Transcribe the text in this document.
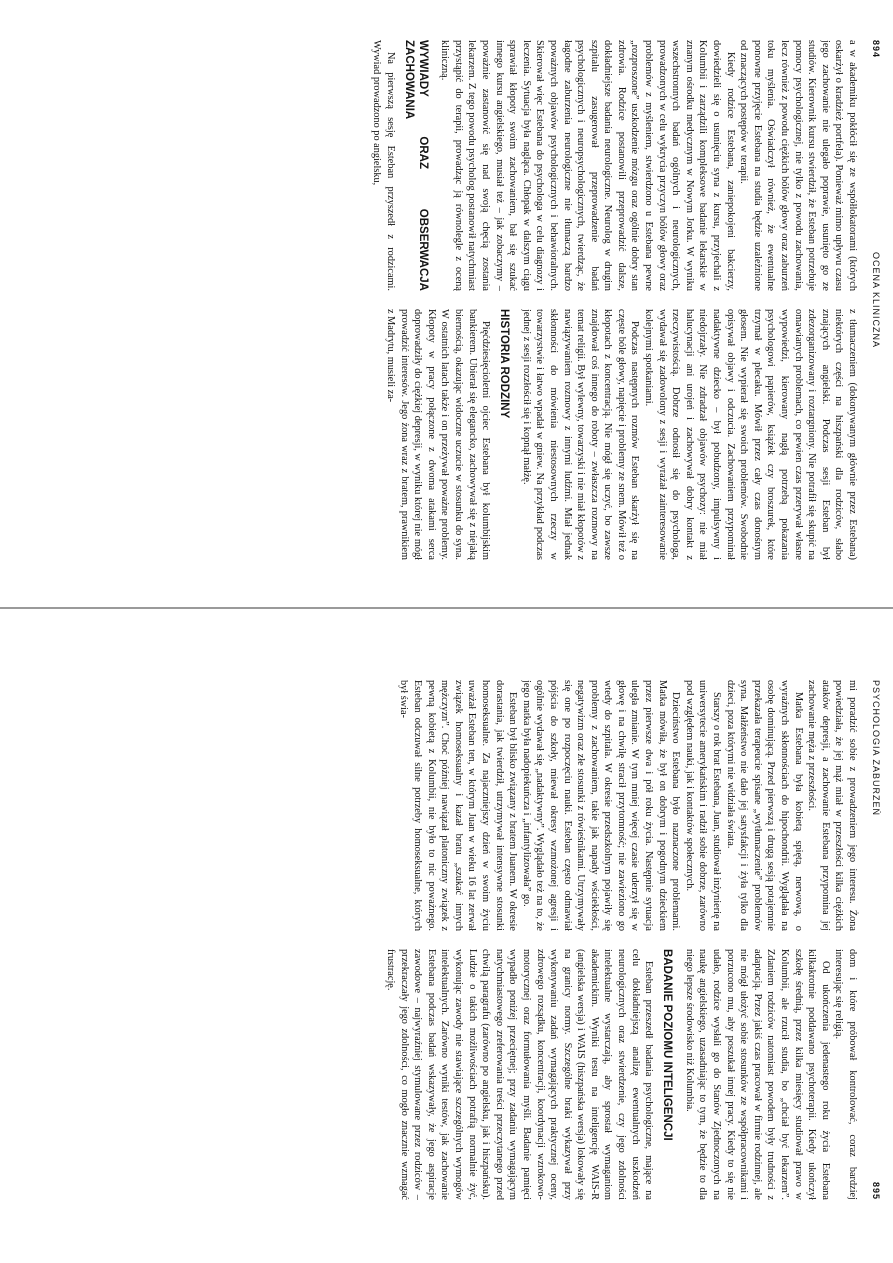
894
OCENA KLINICZNA

a w akademiku pokłócił się ze współlokatorami (których oskarżył o kradzież portfela). Ponieważ mimo upływu czasu jego zachowanie nie ulegało poprawie, usunięto go ze studiów. Kierownik kursu stwierdził, że Esteban potrzebuje pomocy psychologicznej, nie tylko z powodu zachowania, lecz również z powodu ciężkich bólów głowy oraz zaburzeń toku myślenia. Oświadczył również, że ewentualne ponowne przyjęcie Estebana na studia będzie uzależnione od znaczących postępów w terapii.

Kiedy rodzice Estebana, zaniepokojeni bakcierzy, dowiedzieli się o usunięciu syna z kursu, przyjechali z Kolumbii i zarządzili kompleksowe badanie lekarskie w znanym ośrodku medycznym w Nowym Jorku. W wyniku wszechstronnych badań ogólnych i neurologicznych, prowadzonych w celu wykrycia przyczyn bólów głowy oraz problemów z myśleniem, stwierdzono u Estebana pewne „rozproszone” uszkodzenie mózgu oraz ogólnie dobry stan zdrowia. Rodzice postanowili przeprowadzić dalsze, dokładniejsze badania neurologiczne. Neurolog w drugim szpitalu zasugerował przeprowadzenie badań psychologicznych i neuropsychologicznych, twierdząc, że łagodne zaburzenia neurologiczne nie tłumaczą bardzo poważnych objawów psychologicznych i behawioralnych. Skierował więc Estebana do psychologa w celu diagnozy i leczenia. Sytuacja była nagląca. Chłopak w dalszym ciągu sprawiał kłopoty swoim zachowaniem, bał się szukać innego kursu angielskiego, musiał też – jak zobaczymy – poważnie zastanowić się nad swoją chęcią zostania lekarzem. Z tego powodu psycholog postanowił natychmiast przystąpić do terapii, prowadząc ją równolegle z oceną kliniczną.

WYWIADY ORAZ OBSERWACJA ZACHOWANIA

Na pierwszą sesję Esteban przyszedł z rodzicami. Wywiad prowadzono po angielsku,

z tłumaczeniem (dokonywanym głównie przez Estebana) niektórych części na hiszpański dla rodziców, słabo znających angielski. Podczas sesji Esteban był zdezorganizowany i roztargniony. Nie potrafił się skupić na omawianych problemach, co pewien czas przerywał własne wypowiedzi, kierowany nagłą potrzebą pokazania psychologowi papierów, książek czy broszurek, które trzymał w plecaku. Mówił przez cały czas donośnym głosem. Nie wypierał się swoich problemów. Swobodnie opisywał objawy i odczucia. Zachowaniem przypominał nadaktywne dziecko – był pobudzony, impulsywny i niedojrzały. Nie zdradzał objawów psychozy: nie miał halucynacji ani urojeń i zachowywał dobry kontakt z rzeczywistością. Dobrze odnosił się do psychologa, wydawał się zadowolony z sesji i wyrażał zainteresowanie kolejnymi spotkaniami.

Podczas następnych rozmów Esteban skarżył się na częste bóle głowy, napięcie i problemy ze snem. Mówił też o kłopotach z koncentracją. Nie mógł się uczyć, bo zawsze znajdował coś innego do roboty – zwłaszcza rozmowy na temat religii. Był wylewny, towarzyski i nie miał kłopotów z nawiązywaniem rozmowy z innymi ludźmi. Miał jednak skłonności do mówienia niestosownych rzeczy w towarzystwie i łatwo wpadał w gniew. Na przykład podczas jednej z sesji rozzłościł się i kopnął małżę.

HISTORIA RODZINY

Pięćdziesięcioletni ojciec Estebana był kolumbijskim bankierem. Ubierał się elegancko, zachowywał się z niejaką biernością, okazując widoczne uczucie w stosunku do syna. W ostatnich latach także i on przeżywał poważne problemy. Kłopoty w pracy połączone z dwoma atakami serca doprowadziły do ciężkiej depresji, w wyniku której nie mógł prowadzić interesów. Jego żona wraz z bratem, prawnikiem z Madrytu, musieli za-

PSYCHOLOGIA ZABURZEŃ
895

mi poradzić sobie z prowadzeniem jego interesu. Żona powiedziała, że jej mąż miał w przeszłości kilka ciężkich ataków depresji, a zachowanie Estebana przypomina jej zachowanie męża z przeszłości.

Matka Estebana była kobietą spiętą, nerwową, o wyraźnych skłonnościach do hipochondrii. Wyglądała na osobę dominującą. Przed pierwszą i drugą sesją potajemnie przekazała terapeucie spisane „wytłumaczenie” problemów syna. Małżeństwo nie dało jej satysfakcji i żyła tylko dla dzieci, poza którymi nie widziała świata.

Starszy o rok brat Estebana, Juan, studiował inżynierię na uniwersytecie amerykańskim i radził sobie dobrze, zarówno pod względem nauki, jak i kontaktów społecznych.

Dzieciństwo Estebana było naznaczone problemami. Matka mówiła, że był on dobrym i pogodnym dzieckiem przez pierwsze dwa i pół roku życia. Następnie sytuacja uległa zmianie. W tym mniej więcej czasie uderzył się w głowę i na chwilę stracił przytomność; nie zawieziono go wtedy do szpitala. W okresie przedszkolnym pojawiły się problemy z zachowaniem, takie jak napady wściekłości, negatywizm oraz złe stosunki z rówieśnikami. Utrzymywały się one po rozpoczęciu nauki. Esteban często odmawiał pójścia do szkoły, miewał okresy wzmożonej agresji i ogólnie wydawał się „nadaktywny”. Wyglądało też na to, że jego matka była nadopiekuńcza i „infantylizowała” go.

Esteban był blisko związany z bratem Juanem. W okresie dorastania, jak twierdził, utrzymywał intensywne stosunki homoseksualne. Za najaczniejszy dzień w swoim życiu uważał Esteban ten, w którym Juan w wieku 16 lat zerwał związek homoseksualny i kazał bratu „szukać innych mężczyzn”. Choć później nawiązał platoniczny związek z pewną kobietą z Kolumbii, nie było to nic poważnego. Esteban odczuwał silne potrzeby homoseksualne, których był świa-

dom i które próbował kontrolować, coraz bardziej interesując się religią.

Od ukończenia jedenastego roku życia Estebana kilkakrotnie poddawano psychoterapii. Kiedy ukończył szkołę średnią, przez kilka miesięcy studiował prawo w Kolumbii, ale rzucił studia, bo „chciał być lekarzem”. Zdaniem rodziców natomiast powodem były trudności z adaptacją. Przez jakiś czas pracował w firmie rodzinnej, ale nie mógł ułożyć sobie stosunków ze współpracownikami i porzucono mu, aby poszukał innej pracy. Kiedy to się nie udało, rodzice wysłali go do Stanów Zjednoczonych na naukę angielskiego, uzasadniając to tym, że będzie to dla niego lepsze środowisko niż Kolumbia.

BADANIE POZIOMU INTELIGENCJI

Esteban przeszedł badania psychologiczne, mające na celu dokładniejszą analizę ewentualnych uszkodzeń neurologicznych oraz stwierdzenie, czy jego zdolności intelektualne wystarczają, aby sprostał wymaganiom akademickim. Wyniki testu na inteligencję WAIS-R (angielska wersja) i WAIS (hiszpańska wersja) lokowały się na granicy normy. Szczególne braki wykazywał przy wykonywaniu zadań wymagających praktycznej oceny, zdrowego rozsądku, koncentracji, koordynacji wzrokowo-motorycznej oraz formułowania myśli. Badanie pamięci wypadło poniżej przeciętnej; przy zadaniu wymagającym natychmiastowego zreferowania treści przeczytanego przed chwilą paragrafu (zarówno po angielsku, jak i hiszpańsku). Ludzie o takich możliwościach potrafią normalnie żyć, wykonując zawody nie stawiające szczególnych wymogów intelektualnych. Zarówno wyniki testów, jak zachowanie Estebana podczas badań wskazywały, że jego aspiracje zawodowe – najwyraźniej stymulowane przez rodziców – przekraczały jego zdolności, co mogło znacznie wzmagać frustrację.
